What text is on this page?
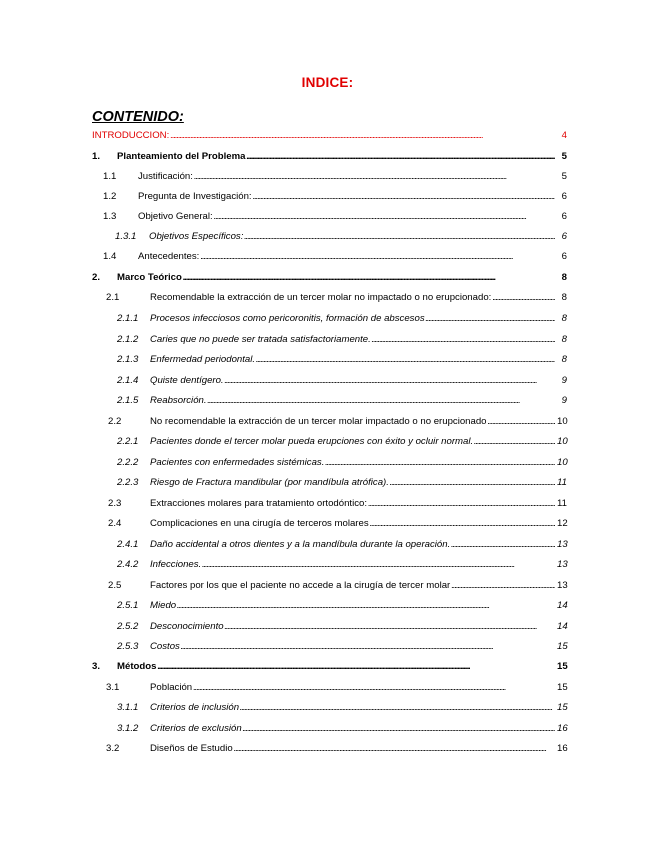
INDICE:
CONTENIDO:
INTRODUCCION: . . .	4
1. Planteamiento del Problema . . .	5
1.1 Justificación: . . .	5
1.2 Pregunta de Investigación: . . .	6
1.3 Objetivo General: . . .	6
1.3.1 Objetivos Específicos: . . .	6
1.4 Antecedentes: . . .	6
2. Marco Teórico . . .	8
2.1	Recomendable la extracción de un tercer molar no impactado o no erupcionado: . . .	8
2.1.1 Procesos infecciosos como pericoronitis, formación de abscesos . . .	8
2.1.2 Caries que no puede ser tratada satisfactoriamente. . . .	8
2.1.3 Enfermedad periodontal. . . .	8
2.1.4 Quiste dentígero. . . .	9
2.1.5 Reabsorción. . . .	9
2.2	No recomendable la extracción de un tercer molar impactado o no erupcionado . . .	10
2.2.1 Pacientes donde el tercer molar pueda erupciones con éxito y ocluir normal. . . .	10
2.2.2 Pacientes con enfermedades sistémicas. . . .	10
2.2.3 Riesgo de Fractura mandibular (por mandíbula atrófica). . . .	11
2.3	Extracciones molares para tratamiento ortodóntico: . . .	11
2.4	Complicaciones en una cirugía de terceros molares . . .	12
2.4.1 Daño accidental a otros dientes y a la mandíbula durante la operación. . . .	13
2.4.2 Infecciones. . . .	13
2.5	Factores por los que el paciente no accede a la cirugía de tercer molar . . .	13
2.5.1 Miedo . . .	14
2.5.2 Desconocimiento . . .	14
2.5.3 Costos . . .	15
3. Métodos . . .	15
3.1	Población . . .	15
3.1.1 Criterios de inclusión . . .	15
3.1.2 Criterios de exclusión . . .	16
3.2	Diseños de Estudio . . .	16
